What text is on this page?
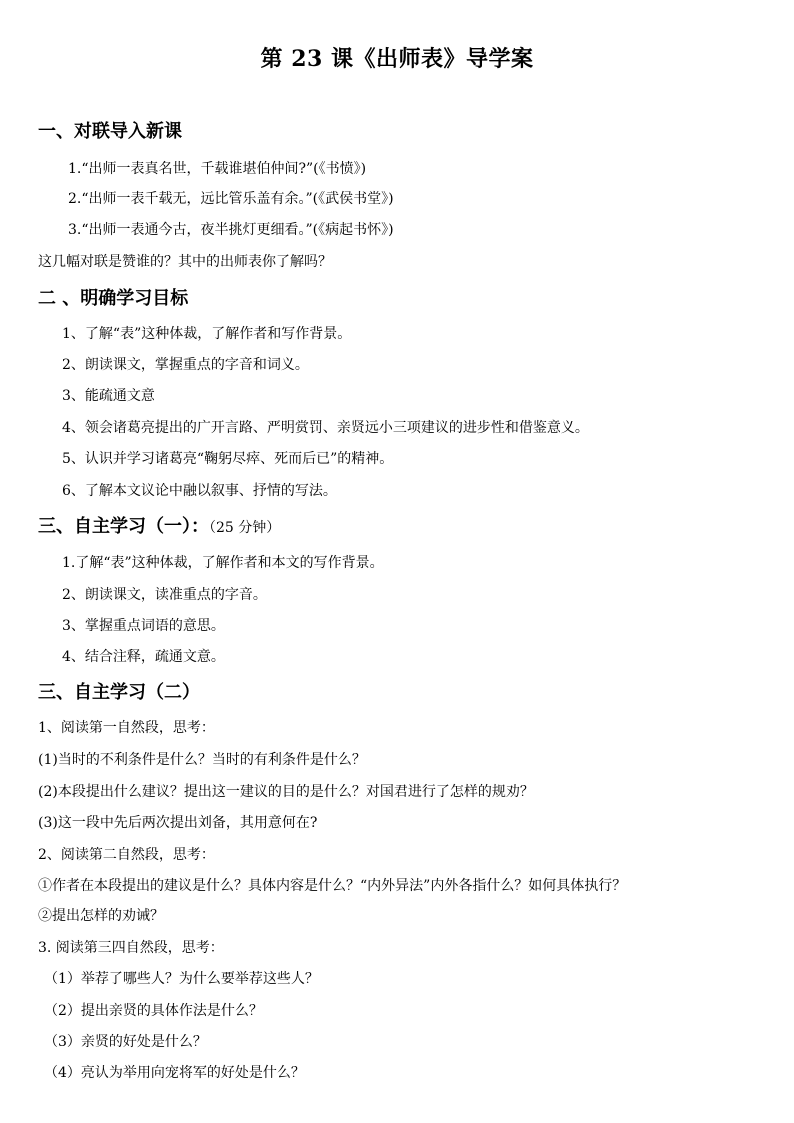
第 23 课《出师表》导学案
一、对联导入新课
1.“出师一表真名世，千载谁堪伯仲间?”(《书愤》)
2.“出师一表千载无，远比管乐盖有余。”(《武侯书堂》)
3.“出师一表通今古，夜半挑灯更细看。”(《病起书怀》)
这几幅对联是赞谁的？其中的出师表你了解吗？
二 、明确学习目标
1、了解“表”这种体裁，了解作者和写作背景。
2、朗读课文，掌握重点的字音和词义。
3、能疏通文意
4、领会诸葛亮提出的广开言路、严明赏罚、亲贤远小三项建议的进步性和借鉴意义。
5、认识并学习诸葛亮“鞠躬尽瘁、死而后已”的精神。
6、了解本文议论中融以叙事、抒情的写法。
三、自主学习（一）：（25 分钟）
1.了解“表”这种体裁，了解作者和本文的写作背景。
2、朗读课文，读准重点的字音。
3、掌握重点词语的意思。
4、结合注释，疏通文意。
三、自主学习（二）
1、阅读第一自然段，思考：
(1)当时的不利条件是什么？当时的有利条件是什么？
(2)本段提出什么建议？提出这一建议的目的是什么？对国君进行了怎样的规劝？
(3)这一段中先后两次提出刘备，其用意何在?
2、阅读第二自然段，思考：
①作者在本段提出的建议是什么？具体内容是什么？“内外异法”内外各指什么？如何具体执行？
②提出怎样的劝诫？
3. 阅读第三四自然段，思考：
（1）举荐了哪些人？为什么要举荐这些人？
（2）提出亲贤的具体作法是什么？
（3）亲贤的好处是什么？
（4）亮认为举用向宠将军的好处是什么？
